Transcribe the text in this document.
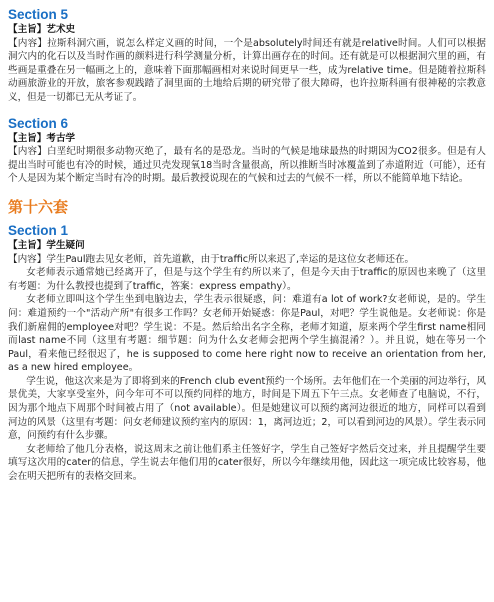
Section 5
【主旨】艺术史
【内容】拉斯科洞穴画，说怎么样定义画的时间，一个是absolutely时间还有就是relative时间。人们可以根据洞穴内的化石以及当时作画的颜料进行科学测量分析，计算出画存在的时间。还有就是可以根据洞穴里的画，有些画是重叠在另一幅画之上的，意味着下面那幅画相对来说时间更早一些，成为relative time。但是随着拉斯科动画旅游业的开放，旅客参观践踏了洞里面的土地给后期的研究带了很大障碍，也许拉斯科画有很神秘的宗教意义，但是一切都已无从考证了。
Section 6
【主旨】考古学
【内容】白垩纪时期很多动物灭绝了，最有名的是恐龙。当时的气候是地球最热的时期因为CO2很多。但是有人提出当时可能也有冷的时候，通过贝壳发现氧18当时含量很高，所以推断当时冰覆盖到了赤道附近（可能），还有个人是因为某个断定当时有冷的时期。最后教授说现在的气候和过去的气候不一样，所以不能简单地下结论。
第十六套
Section 1
【主旨】学生疑问
【内容】学生Paul跑去见女老师，首先道歉，由于traffic所以来迟了,幸运的是这位女老师还在。
女老师表示通常她已经离开了，但是与这个学生有约所以来了，但是今天由于traffic的原因也来晚了（这里有考题：为什么教授也提到了traffic，答案：express empathy）。
女老师立即叫这个学生坐到电脑边去，学生表示很疑惑，问：难道有a lot of work?女老师说，是的。学生问：难道预约一个"活动产所"有很多工作吗？女老师开始疑惑：你是Paul，对吧？学生说他是。女老师说：你是我们新雇佣的employee对吧？学生说：不是。然后给出名字全称，老师才知道，原来两个学生first name相同而last name不同（这里有考题：细节题：问为什么女老师会把两个学生搞混淆？）。并且说，她在等另一个Paul，看来他已经很迟了，he is supposed to come here right now to receive an orientation from her, as a new hired employee。
学生说，他这次来是为了即将到来的French club event预约一个场所。去年他们在一个美丽的河边举行，风景优美，大家享受室外，问今年可不可以预约同样的地方，时间是下周五下午三点。女老师查了电脑说，不行，因为那个地点下周那个时间被占用了（not available）。但是她建议可以预约离河边很近的地方，同样可以看到河边的风景（这里有考题：问女老师建议预约室内的原因：1，离河边近；2，可以看到河边的风景）。学生表示同意，问预约有什么步骤。
女老师给了他几分表格，说这周末之前让他们系主任签好字，学生自己签好字然后交过来，并且提醒学生要填写这次用的cater的信息，学生说去年他们用的cater很好，所以今年继续用他，因此这一项完成比较容易，他会在明天把所有的表格交回来。
